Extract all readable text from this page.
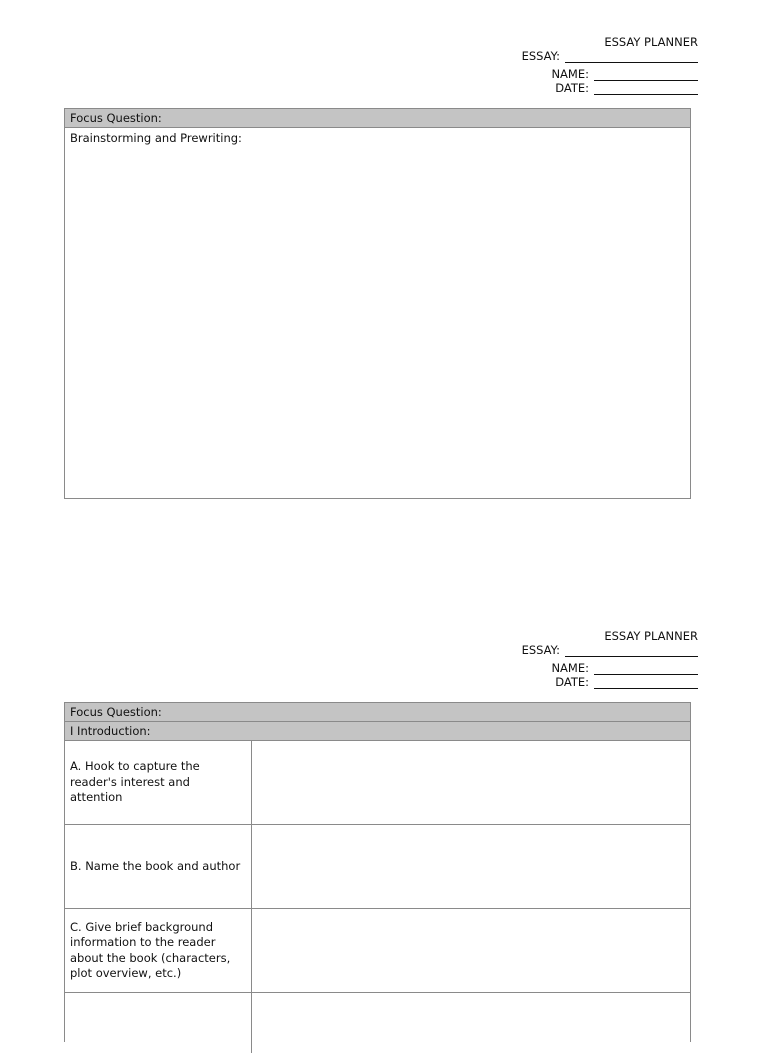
ESSAY PLANNER
ESSAY:
NAME:
DATE:
Focus Question:
Brainstorming and Prewriting:
ESSAY PLANNER
ESSAY:
NAME:
DATE:
Focus Question:
I Introduction:
A. Hook to capture the reader's interest and attention
B. Name the book and author
C. Give brief background information to the reader about the book (characters, plot overview, etc.)
